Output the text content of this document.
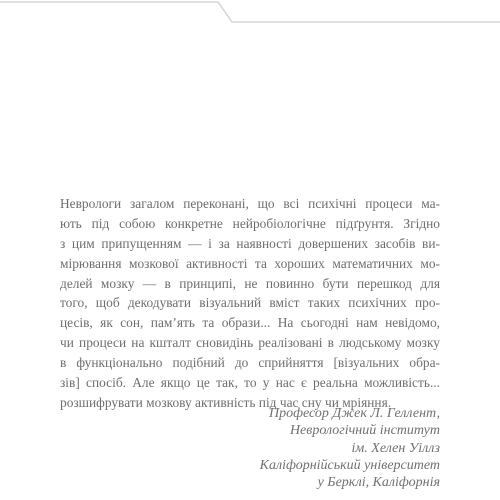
Неврологи загалом переконані, що всі психічні процеси ма-
ють під собою конкретне нейробіологічне підґрунтя. Згідно
з цим припущенням — і за наявності довершених засобів ви-
мірювання мозкової активності та хороших математичних мо-
делей мозку — в принципі, не повинно бути перешкод для
того, щоб декодувати візуальний вміст таких психічних про-
цесів, як сон, пам’ять та образи... На сьогодні нам невідомо,
чи процеси на кшталт сновидінь реалізовані в людському мозку
в функціонально подібний до сприйняття [візуальних обра-
зів] спосіб. Але якщо це так, то у нас є реальна можливість...
розшифрувати мозкову активність під час сну чи мріяння.

Професор Джек Л. Геллент,
Неврологічний інститут
ім. Хелен Уіллз
Каліфорнійський університет
у Берклі, Каліфорнія
